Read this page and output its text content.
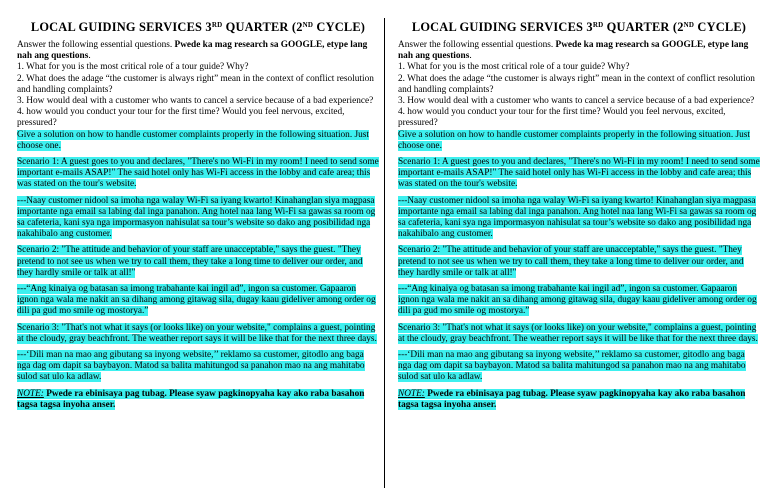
LOCAL GUIDING SERVICES 3RD QUARTER (2ND CYCLE)

Answer the following essential questions. Pwede ka mag research sa GOOGLE, etype lang nah ang questions.

1. What for you is the most critical role of a tour guide? Why?

2. What does the adage “the customer is always right” mean in the context of conflict resolution and handling complaints?

3. How would deal with a customer who wants to cancel a service because of a bad experience?

4. how would you conduct your tour for the first time? Would you feel nervous, excited, pressured?

Give a solution on how to handle customer complaints properly in the following situation. Just choose one.

Scenario 1: A guest goes to you and declares, "There's no Wi-Fi in my room! I need to send some important e-mails ASAP!" The said hotel only has Wi-Fi access in the lobby and cafe area; this was stated on the tour's website.

---Naay customer nidool sa imoha nga walay Wi-Fi sa iyang kwarto! Kinahanglan siya magpasa importante nga email sa labing dal inga panahon. Ang hotel naa lang Wi-Fi sa gawas sa room og sa cafeteria, kani sya nga impormasyon nahisulat sa tour’s website so dako ang posibilidad nga nakahibalo ang customer.

Scenario 2: "The attitude and behavior of your staff are unacceptable," says the guest. "They pretend to not see us when we try to call them, they take a long time to deliver our order, and they hardly smile or talk at all!"

---“Ang kinaiya og batasan sa imong trabahante kai ingil ad”, ingon sa customer. Gapaaron ignon nga wala me nakit an sa dihang among gitawag sila, dugay kaau gideliver among order og dili pa gud mo smile og mostorya.”

Scenario 3: "That's not what it says (or looks like) on your website," complains a guest, pointing at the cloudy, gray beachfront. The weather report says it will be like that for the next three days.

---‘Dili man na mao ang gibutang sa inyong website,’’ reklamo sa customer, gitodlo ang baga nga dag om dapit sa baybayon. Matod sa balita mahitungod sa panahon mao na ang mahitabo sulod sat ulo ka adlaw.

NOTE: Pwede ra ebinisaya pag tubag. Please syaw pagkinopyaha kay ako raba basahon tagsa tagsa inyoha anser.

LOCAL GUIDING SERVICES 3RD QUARTER (2ND CYCLE)

Answer the following essential questions. Pwede ka mag research sa GOOGLE, etype lang nah ang questions.

1. What for you is the most critical role of a tour guide? Why?

2. What does the adage “the customer is always right” mean in the context of conflict resolution and handling complaints?

3. How would deal with a customer who wants to cancel a service because of a bad experience?

4. how would you conduct your tour for the first time? Would you feel nervous, excited, pressured?

Give a solution on how to handle customer complaints properly in the following situation. Just choose one.

Scenario 1: A guest goes to you and declares, "There's no Wi-Fi in my room! I need to send some important e-mails ASAP!" The said hotel only has Wi-Fi access in the lobby and cafe area; this was stated on the tour's website.

---Naay customer nidool sa imoha nga walay Wi-Fi sa iyang kwarto! Kinahanglan siya magpasa importante nga email sa labing dal inga panahon. Ang hotel naa lang Wi-Fi sa gawas sa room og sa cafeteria, kani sya nga impormasyon nahisulat sa tour’s website so dako ang posibilidad nga nakahibalo ang customer.

Scenario 2: "The attitude and behavior of your staff are unacceptable," says the guest. "They pretend to not see us when we try to call them, they take a long time to deliver our order, and they hardly smile or talk at all!"

---“Ang kinaiya og batasan sa imong trabahante kai ingil ad”, ingon sa customer. Gapaaron ignon nga wala me nakit an sa dihang among gitawag sila, dugay kaau gideliver among order og dili pa gud mo smile og mostorya.”

Scenario 3: "That's not what it says (or looks like) on your website," complains a guest, pointing at the cloudy, gray beachfront. The weather report says it will be like that for the next three days.

---‘Dili man na mao ang gibutang sa inyong website,’’ reklamo sa customer, gitodlo ang baga nga dag om dapit sa baybayon. Matod sa balita mahitungod sa panahon mao na ang mahitabo sulod sat ulo ka adlaw.

NOTE: Pwede ra ebinisaya pag tubag. Please syaw pagkinopyaha kay ako raba basahon tagsa tagsa inyoha anser.
